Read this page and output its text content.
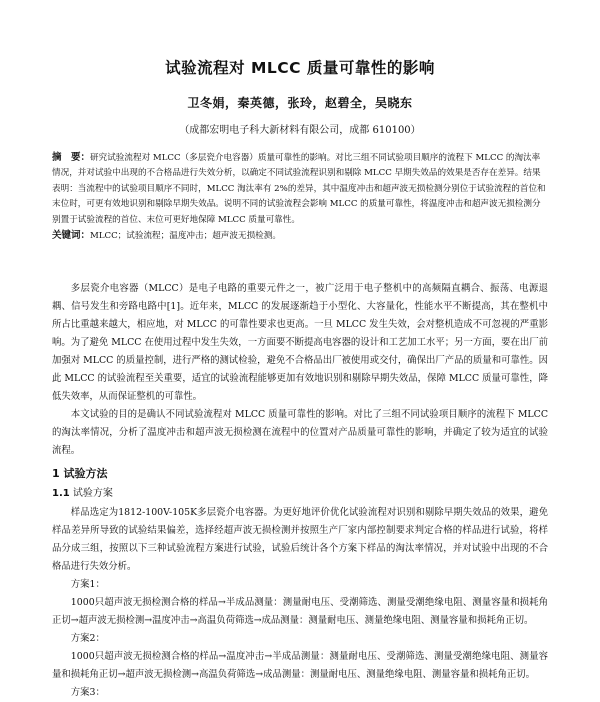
试验流程对 MLCC 质量可靠性的影响
卫冬娟，秦英德，张玲，赵碧全，吴晓东
（成都宏明电子科大新材料有限公司，成都 610100）
摘　要：研究试验流程对 MLCC（多层瓷介电容器）质量可靠性的影响。对比三组不同试验项目顺序的流程下 MLCC 的淘汰率情况，并对试验中出现的不合格品进行失效分析，以确定不同试验流程识别和剔除 MLCC 早期失效品的效果是否存在差异。结果表明：当流程中的试验项目顺序不同时，MLCC 淘汰率有 2%的差异，其中温度冲击和超声波无损检测分别位于试验流程的首位和末位时，可更有效地识别和剔除早期失效品。说明不同的试验流程会影响 MLCC 的质量可靠性，将温度冲击和超声波无损检测分别置于试验流程的首位、末位可更好地保障 MLCC 质量可靠性。
关键词：MLCC；试验流程；温度冲击；超声波无损检测。

多层瓷介电容器（MLCC）是电子电路的重要元件之一，被广泛用于电子整机中的高频隔直耦合、振荡、电源退耦、信号发生和旁路电路中[1]。近年来，MLCC 的发展逐渐趋于小型化、大容量化，性能水平不断提高，其在整机中所占比重越来越大，相应地，对 MLCC 的可靠性要求也更高。一旦 MLCC 发生失效，会对整机造成不可忽视的严重影响。为了避免 MLCC 在使用过程中发生失效，一方面要不断提高电容器的设计和工艺加工水平；另一方面，要在出厂前加强对 MLCC 的质量控制，进行严格的测试检验，避免不合格品出厂被使用或交付，确保出厂产品的质量和可靠性。因此 MLCC 的试验流程至关重要，适宜的试验流程能够更加有效地识别和剔除早期失效品，保障 MLCC 质量可靠性，降低失效率，从而保证整机的可靠性。

本文试验的目的是确认不同试验流程对 MLCC 质量可靠性的影响。对比了三组不同试验项目顺序的流程下 MLCC 的淘汰率情况，分析了温度冲击和超声波无损检测在流程中的位置对产品质量可靠性的影响，并确定了较为适宜的试验流程。

1 试验方法
1.1 试验方案

样品选定为1812-100V-105K多层瓷介电容器。为更好地评价优化试验流程对识别和剔除早期失效品的效果，避免样品差异所导致的试验结果偏差，选择经超声波无损检测并按照生产厂家内部控制要求判定合格的样品进行试验，将样品分成三组，按照以下三种试验流程方案进行试验，试验后统计各个方案下样品的淘汰率情况，并对试验中出现的不合格品进行失效分析。

方案1：

1000只超声波无损检测合格的样品→半成品测量：测量耐电压、受潮筛选、测量受潮绝缘电阻、测量容量和损耗角正切→超声波无损检测→温度冲击→高温负荷筛选→成品测量：测量耐电压、测量绝缘电阻、测量容量和损耗角正切。

方案2：

1000只超声波无损检测合格的样品→温度冲击→半成品测量：测量耐电压、受潮筛选、测量受潮绝缘电阻、测量容量和损耗角正切→超声波无损检测→高温负荷筛选→成品测量：测量耐电压、测量绝缘电阻、测量容量和损耗角正切。

方案3：
